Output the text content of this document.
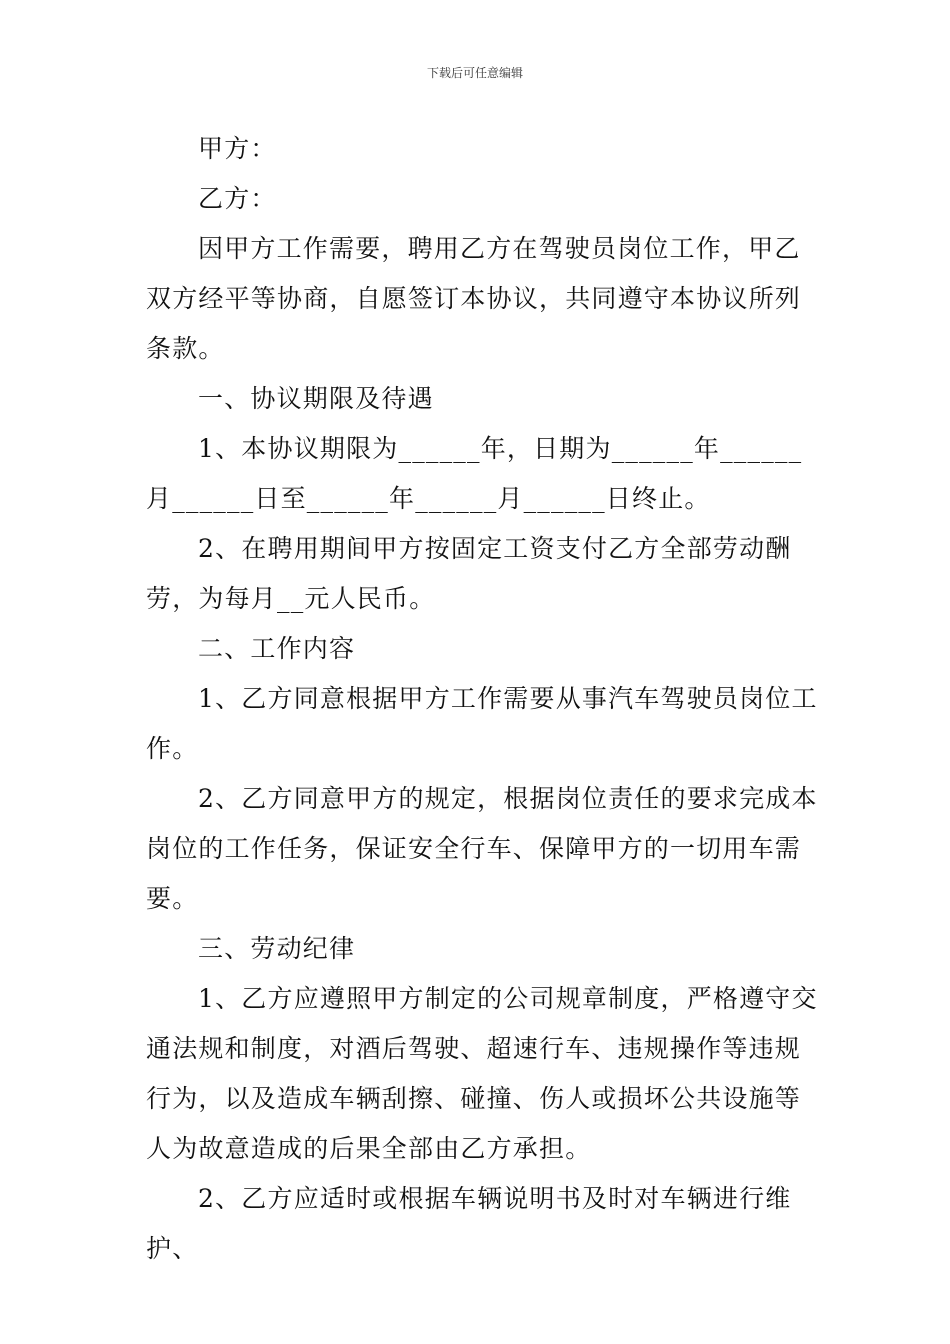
下载后可任意编辑

甲方：

乙方：

因甲方工作需要，聘用乙方在驾驶员岗位工作，甲乙双方经平等协商，自愿签订本协议，共同遵守本协议所列条款。

一、协议期限及待遇

1、本协议期限为______年，日期为______年______月______日至______年______月______日终止。

2、在聘用期间甲方按固定工资支付乙方全部劳动酬劳，为每月__元人民币。

二、工作内容

1、乙方同意根据甲方工作需要从事汽车驾驶员岗位工作。

2、乙方同意甲方的规定，根据岗位责任的要求完成本岗位的工作任务，保证安全行车、保障甲方的一切用车需要。

三、劳动纪律

1、乙方应遵照甲方制定的公司规章制度，严格遵守交通法规和制度，对酒后驾驶、超速行车、违规操作等违规行为，以及造成车辆刮擦、碰撞、伤人或损坏公共设施等人为故意造成的后果全部由乙方承担。

2、乙方应适时或根据车辆说明书及时对车辆进行维护、
